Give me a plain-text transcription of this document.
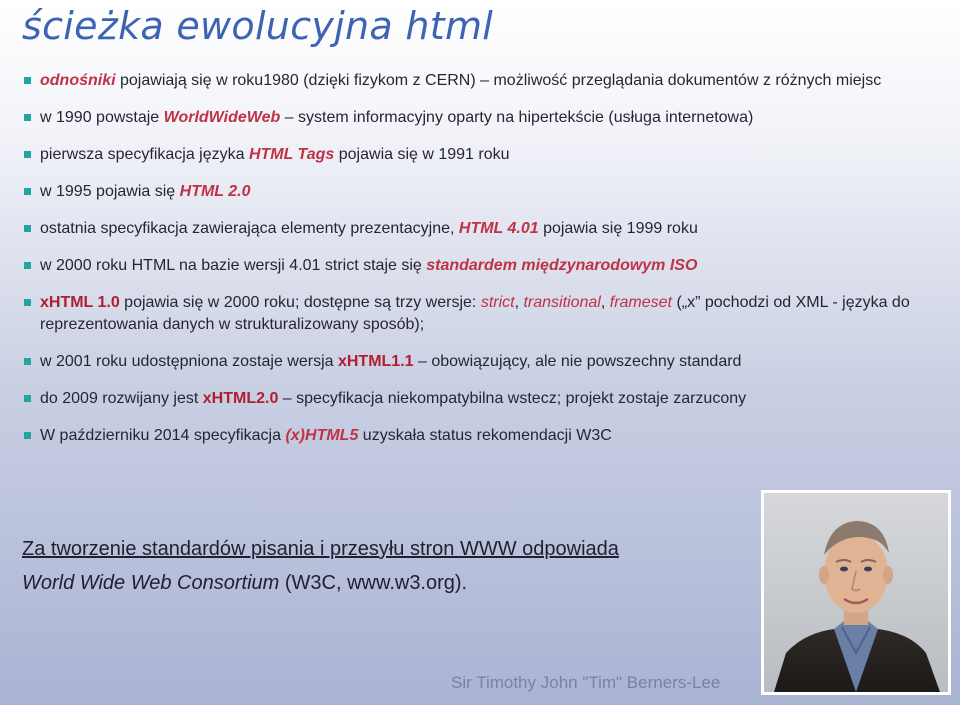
ścieżka ewolucyjna html
odnośniki pojawiają się w roku1980 (dzięki fizykom z CERN) – możliwość przeglądania dokumentów z różnych miejsc
w 1990 powstaje WorldWideWeb – system informacyjny oparty na hipertekście (usługa internetowa)
pierwsza specyfikacja języka HTML Tags pojawia się w 1991 roku
w 1995 pojawia się HTML 2.0
ostatnia specyfikacja zawierająca elementy prezentacyjne, HTML 4.01 pojawia się 1999 roku
w 2000 roku HTML na bazie wersji 4.01 strict staje się standardem międzynarodowym ISO
xHTML 1.0 pojawia się w 2000 roku; dostępne są trzy wersje: strict, transitional, frameset („x” pochodzi od XML - języka do reprezentowania danych w strukturalizowany sposób);
w 2001 roku udostępniona zostaje wersja xHTML1.1 – obowiązujący, ale nie powszechny standard
do 2009 rozwijany jest xHTML2.0 – specyfikacja niekompatybilna wstecz; projekt zostaje zarzucony
W październiku 2014 specyfikacja (x)HTML5 uzyskała status rekomendacji W3C
Za tworzenie standardów pisania i przesyłu stron WWW odpowiada
World Wide Web Consortium (W3C, www.w3.org).
Sir Timothy John "Tim" Berners-Lee
